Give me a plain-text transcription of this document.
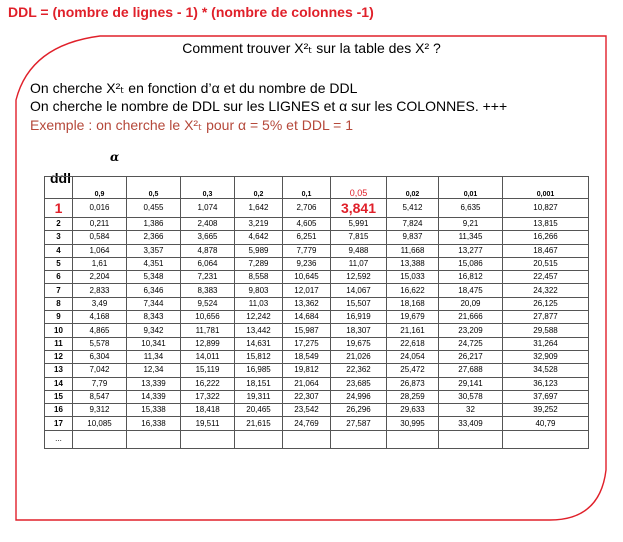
DDL = (nombre de lignes - 1) * (nombre de colonnes -1)
Comment trouver X²ₜ sur la table des X² ?
On cherche X²ₜ en fonction d’α et du nombre de DDL
On cherche le nombre de DDL sur les LIGNES et α sur les COLONNES. +++
Exemple : on cherche le X²ₜ pour α = 5% et DDL = 1
α
ddl
	0,9	0,5	0,3	0,2	0,1	0,05	0,02	0,01	0,001
1	0,016	0,455	1,074	1,642	2,706	3,841	5,412	6,635	10,827
2	0,211	1,386	2,408	3,219	4,605	5,991	7,824	9,21	13,815
3	0,584	2,366	3,665	4,642	6,251	7,815	9,837	11,345	16,266
4	1,064	3,357	4,878	5,989	7,779	9,488	11,668	13,277	18,467
5	1,61	4,351	6,064	7,289	9,236	11,07	13,388	15,086	20,515
6	2,204	5,348	7,231	8,558	10,645	12,592	15,033	16,812	22,457
7	2,833	6,346	8,383	9,803	12,017	14,067	16,622	18,475	24,322
8	3,49	7,344	9,524	11,03	13,362	15,507	18,168	20,09	26,125
9	4,168	8,343	10,656	12,242	14,684	16,919	19,679	21,666	27,877
10	4,865	9,342	11,781	13,442	15,987	18,307	21,161	23,209	29,588
11	5,578	10,341	12,899	14,631	17,275	19,675	22,618	24,725	31,264
12	6,304	11,34	14,011	15,812	18,549	21,026	24,054	26,217	32,909
13	7,042	12,34	15,119	16,985	19,812	22,362	25,472	27,688	34,528
14	7,79	13,339	16,222	18,151	21,064	23,685	26,873	29,141	36,123
15	8,547	14,339	17,322	19,311	22,307	24,996	28,259	30,578	37,697
16	9,312	15,338	18,418	20,465	23,542	26,296	29,633	32	39,252
17	10,085	16,338	19,511	21,615	24,769	27,587	30,995	33,409	40,79
...									
